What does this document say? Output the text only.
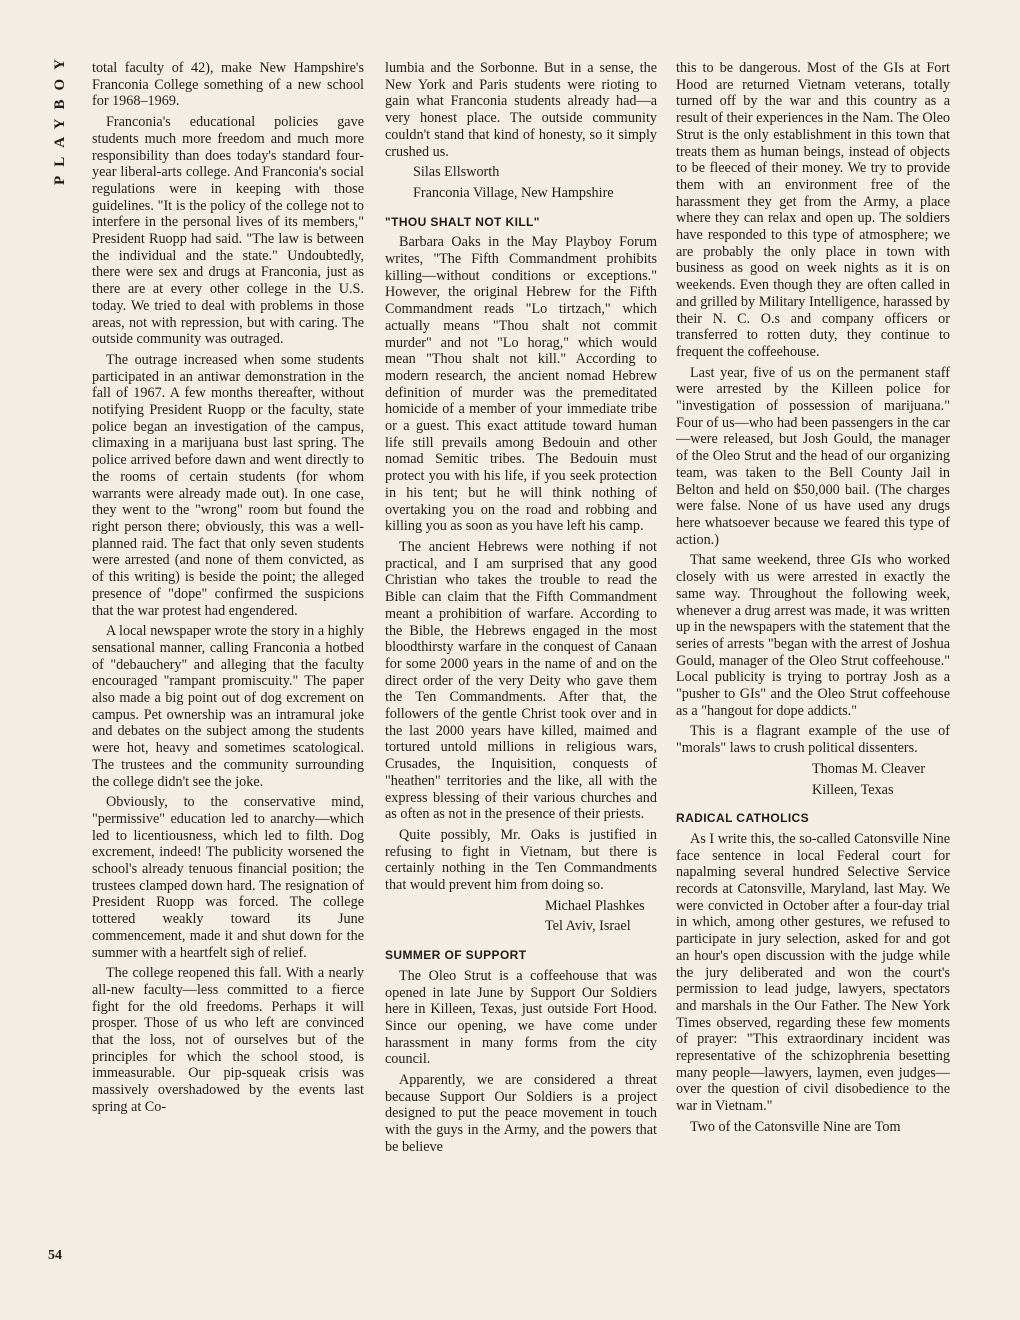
PLAYBOY
54

total faculty of 42), make New Hampshire's Franconia College something of a new school for 1968–1969.

Franconia's educational policies gave students much more freedom and much more responsibility than does today's standard four-year liberal-arts college. And Franconia's social regulations were in keeping with those guidelines. "It is the policy of the college not to interfere in the personal lives of its members," President Ruopp had said. "The law is between the individual and the state." Undoubtedly, there were sex and drugs at Franconia, just as there are at every other college in the U.S. today. We tried to deal with problems in those areas, not with repression, but with caring. The outside community was outraged.

The outrage increased when some students participated in an antiwar demonstration in the fall of 1967. A few months thereafter, without notifying President Ruopp or the faculty, state police began an investigation of the campus, climaxing in a marijuana bust last spring. The police arrived before dawn and went directly to the rooms of certain students (for whom warrants were already made out). In one case, they went to the "wrong" room but found the right person there; obviously, this was a well-planned raid. The fact that only seven students were arrested (and none of them convicted, as of this writing) is beside the point; the alleged presence of "dope" confirmed the suspicions that the war protest had engendered.

A local newspaper wrote the story in a highly sensational manner, calling Franconia a hotbed of "debauchery" and alleging that the faculty encouraged "rampant promiscuity." The paper also made a big point out of dog excrement on campus. Pet ownership was an intramural joke and debates on the subject among the students were hot, heavy and sometimes scatological. The trustees and the community surrounding the college didn't see the joke.

Obviously, to the conservative mind, "permissive" education led to anarchy—which led to licentiousness, which led to filth. Dog excrement, indeed! The publicity worsened the school's already tenuous financial position; the trustees clamped down hard. The resignation of President Ruopp was forced. The college tottered weakly toward its June commencement, made it and shut down for the summer with a heartfelt sigh of relief.

The college reopened this fall. With a nearly all-new faculty—less committed to a fierce fight for the old freedoms. Perhaps it will prosper. Those of us who left are convinced that the loss, not of ourselves but of the principles for which the school stood, is immeasurable. Our pip-squeak crisis was massively overshadowed by the events last spring at Co-

lumbia and the Sorbonne. But in a sense, the New York and Paris students were rioting to gain what Franconia students already had—a very honest place. The outside community couldn't stand that kind of honesty, so it simply crushed us.

Silas Ellsworth

Franconia Village, New Hampshire

"THOU SHALT NOT KILL"

Barbara Oaks in the May Playboy Forum writes, "The Fifth Commandment prohibits killing—without conditions or exceptions." However, the original Hebrew for the Fifth Commandment reads "Lo tirtzach," which actually means "Thou shalt not commit murder" and not "Lo horag," which would mean "Thou shalt not kill." According to modern research, the ancient nomad Hebrew definition of murder was the premeditated homicide of a member of your immediate tribe or a guest. This exact attitude toward human life still prevails among Bedouin and other nomad Semitic tribes. The Bedouin must protect you with his life, if you seek protection in his tent; but he will think nothing of overtaking you on the road and robbing and killing you as soon as you have left his camp.

The ancient Hebrews were nothing if not practical, and I am surprised that any good Christian who takes the trouble to read the Bible can claim that the Fifth Commandment meant a prohibition of warfare. According to the Bible, the Hebrews engaged in the most bloodthirsty warfare in the conquest of Canaan for some 2000 years in the name of and on the direct order of the very Deity who gave them the Ten Commandments. After that, the followers of the gentle Christ took over and in the last 2000 years have killed, maimed and tortured untold millions in religious wars, Crusades, the Inquisition, conquests of "heathen" territories and the like, all with the express blessing of their various churches and as often as not in the presence of their priests.

Quite possibly, Mr. Oaks is justified in refusing to fight in Vietnam, but there is certainly nothing in the Ten Commandments that would prevent him from doing so.

Michael Plashkes

Tel Aviv, Israel

SUMMER OF SUPPORT

The Oleo Strut is a coffeehouse that was opened in late June by Support Our Soldiers here in Killeen, Texas, just outside Fort Hood. Since our opening, we have come under harassment in many forms from the city council.

Apparently, we are considered a threat because Support Our Soldiers is a project designed to put the peace movement in touch with the guys in the Army, and the powers that be believe

this to be dangerous. Most of the GIs at Fort Hood are returned Vietnam veterans, totally turned off by the war and this country as a result of their experiences in the Nam. The Oleo Strut is the only establishment in this town that treats them as human beings, instead of objects to be fleeced of their money. We try to provide them with an environment free of the harassment they get from the Army, a place where they can relax and open up. The soldiers have responded to this type of atmosphere; we are probably the only place in town with business as good on week nights as it is on weekends. Even though they are often called in and grilled by Military Intelligence, harassed by their N. C. O.s and company officers or transferred to rotten duty, they continue to frequent the coffeehouse.

Last year, five of us on the permanent staff were arrested by the Killeen police for "investigation of possession of marijuana." Four of us—who had been passengers in the car—were released, but Josh Gould, the manager of the Oleo Strut and the head of our organizing team, was taken to the Bell County Jail in Belton and held on $50,000 bail. (The charges were false. None of us have used any drugs here whatsoever because we feared this type of action.)

That same weekend, three GIs who worked closely with us were arrested in exactly the same way. Throughout the following week, whenever a drug arrest was made, it was written up in the newspapers with the statement that the series of arrests "began with the arrest of Joshua Gould, manager of the Oleo Strut coffeehouse." Local publicity is trying to portray Josh as a "pusher to GIs" and the Oleo Strut coffeehouse as a "hangout for dope addicts."

This is a flagrant example of the use of "morals" laws to crush political dissenters.

Thomas M. Cleaver

Killeen, Texas

RADICAL CATHOLICS

As I write this, the so-called Catonsville Nine face sentence in local Federal court for napalming several hundred Selective Service records at Catonsville, Maryland, last May. We were convicted in October after a four-day trial in which, among other gestures, we refused to participate in jury selection, asked for and got an hour's open discussion with the judge while the jury deliberated and won the court's permission to lead judge, lawyers, spectators and marshals in the Our Father. The New York Times observed, regarding these few moments of prayer: "This extraordinary incident was representative of the schizophrenia besetting many people—lawyers, laymen, even judges—over the question of civil disobedience to the war in Vietnam."

Two of the Catonsville Nine are Tom
